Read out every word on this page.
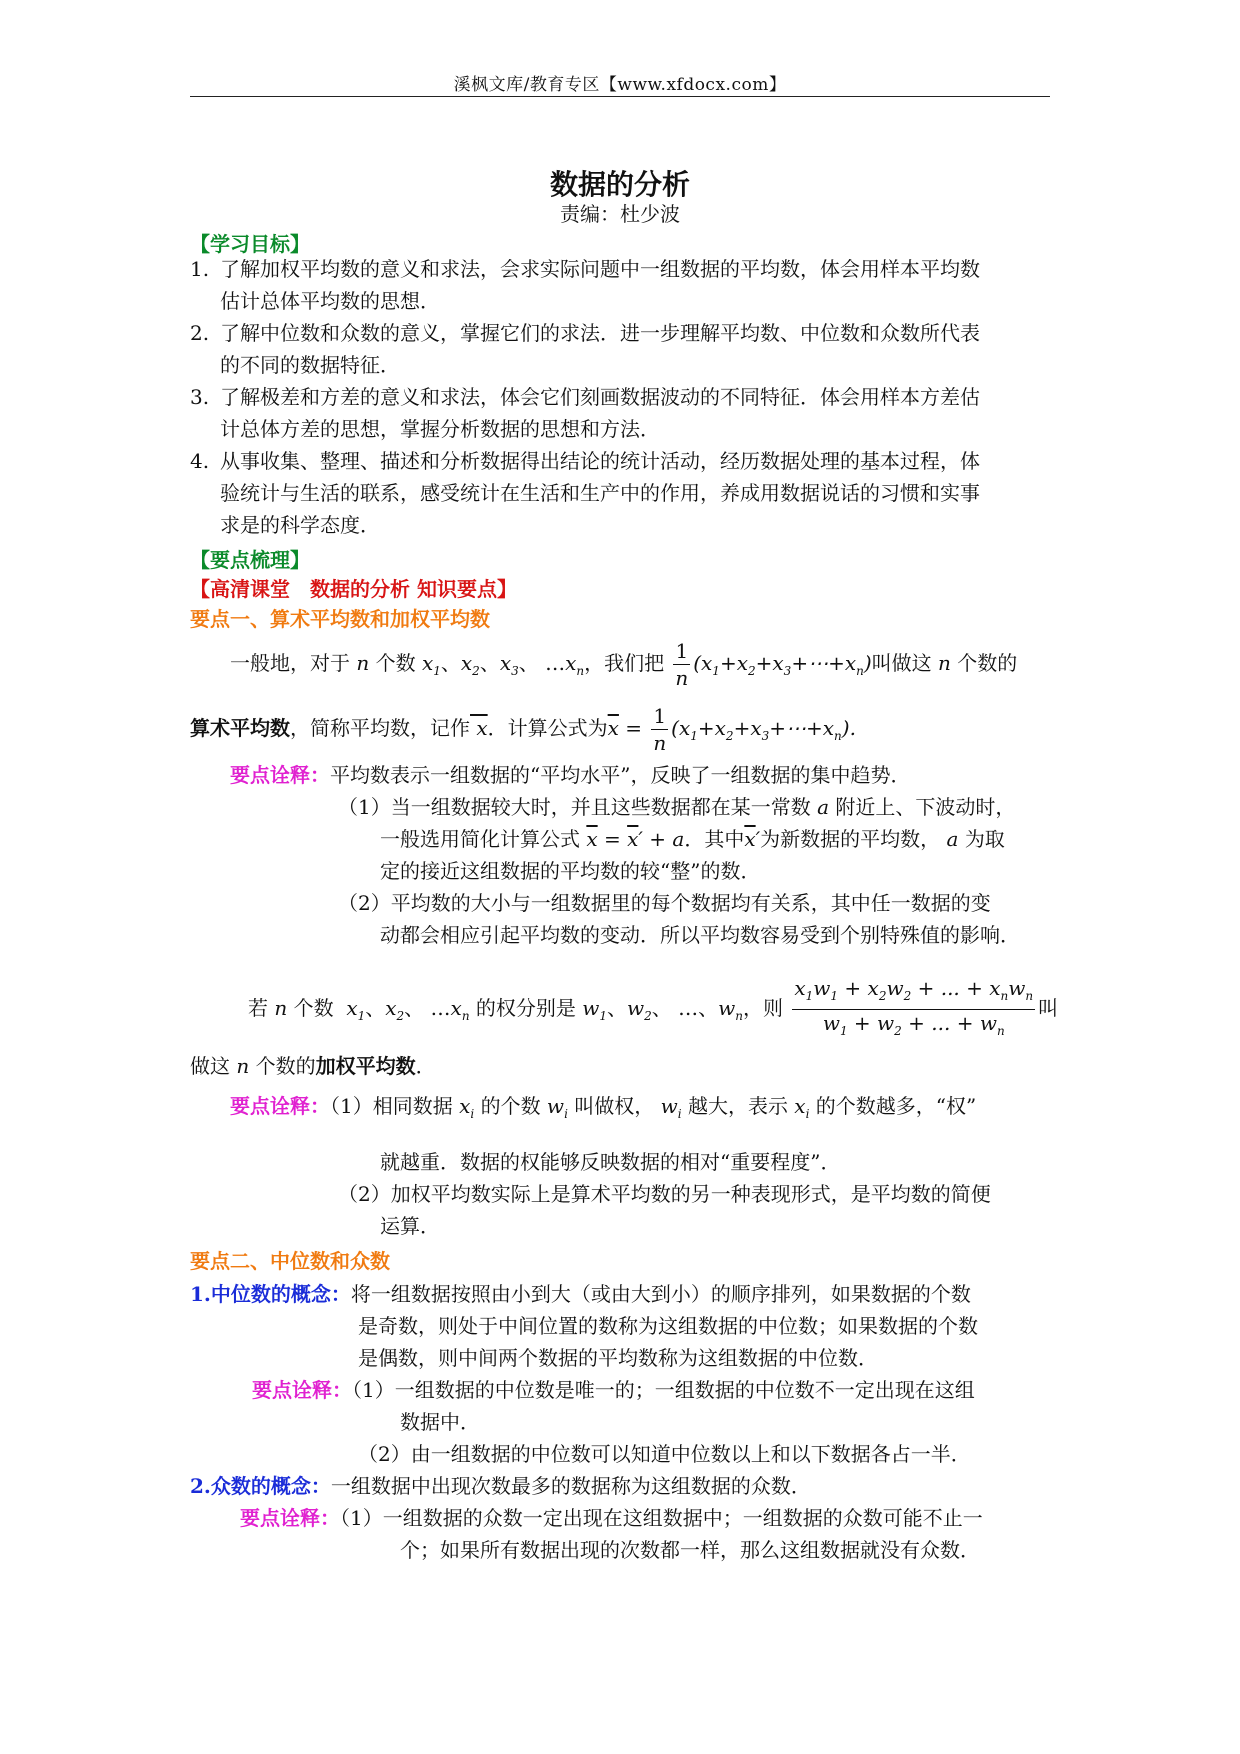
溪枫文库/教育专区【www.xfdocx.com】
数据的分析
责编：杜少波
【学习目标】
1. 了解加权平均数的意义和求法，会求实际问题中一组数据的平均数，体会用样本平均数
估计总体平均数的思想．
2. 了解中位数和众数的意义，掌握它们的求法．进一步理解平均数、中位数和众数所代表
的不同的数据特征．
3. 了解极差和方差的意义和求法，体会它们刻画数据波动的不同特征．体会用样本方差估
计总体方差的思想，掌握分析数据的思想和方法．
4. 从事收集、整理、描述和分析数据得出结论的统计活动，经历数据处理的基本过程，体
验统计与生活的联系，感受统计在生活和生产中的作用，养成用数据说话的习惯和实事
求是的科学态度．
【要点梳理】
【高清课堂　数据的分析 知识要点】
要点一、算术平均数和加权平均数
一般地，对于 n 个数 $x_1$、$x_2$、$x_3$、 $\dots x_n$，我们把 $\frac{1}{n}$ $(x_1+x_2+x_3+\cdots+x_n)$叫做这 n 个数的
算术平均数，简称平均数，记作 x．计算公式为$\overline{x} = \frac{1}{n}$ $(x_1+x_2+x_3+\cdots+x_n)$.
要点诠释：平均数表示一组数据的“平均水平”，反映了一组数据的集中趋势．
（1）当一组数据较大时，并且这些数据都在某一常数 a 附近上、下波动时，
一般选用简化计算公式 $\overline{x} = \overline{x}' + a$．其中$\overline{x}'$为新数据的平均数， a 为取
定的接近这组数据的平均数的较“整”的数．
（2）平均数的大小与一组数据里的每个数据均有关系，其中任一数据的变
动都会相应引起平均数的变动．所以平均数容易受到个别特殊值的影响．
若 n 个数  $x_1$、$x_2$、 $\dots x_n$ 的权分别是 $w_1$、$w_2$、 …、$w_n$，则 $\frac{x_1w_1 + x_2w_2 + ... + x_nw_n}{w_1 + w_2 + ... + w_n}$ 叫
做这 n 个数的加权平均数．
要点诠释：（1）相同数据 $x_i$ 的个数 $w_i$ 叫做权， $w_i$ 越大，表示 $x_i$ 的个数越多，“权”
就越重．数据的权能够反映数据的相对“重要程度”．
（2）加权平均数实际上是算术平均数的另一种表现形式，是平均数的简便
运算．
要点二、中位数和众数
1.中位数的概念：将一组数据按照由小到大（或由大到小）的顺序排列，如果数据的个数
是奇数，则处于中间位置的数称为这组数据的中位数；如果数据的个数
是偶数，则中间两个数据的平均数称为这组数据的中位数．
要点诠释：（1）一组数据的中位数是唯一的；一组数据的中位数不一定出现在这组
数据中．
（2）由一组数据的中位数可以知道中位数以上和以下数据各占一半．
2.众数的概念：一组数据中出现次数最多的数据称为这组数据的众数．
要点诠释：（1）一组数据的众数一定出现在这组数据中；一组数据的众数可能不止一
个；如果所有数据出现的次数都一样，那么这组数据就没有众数．
